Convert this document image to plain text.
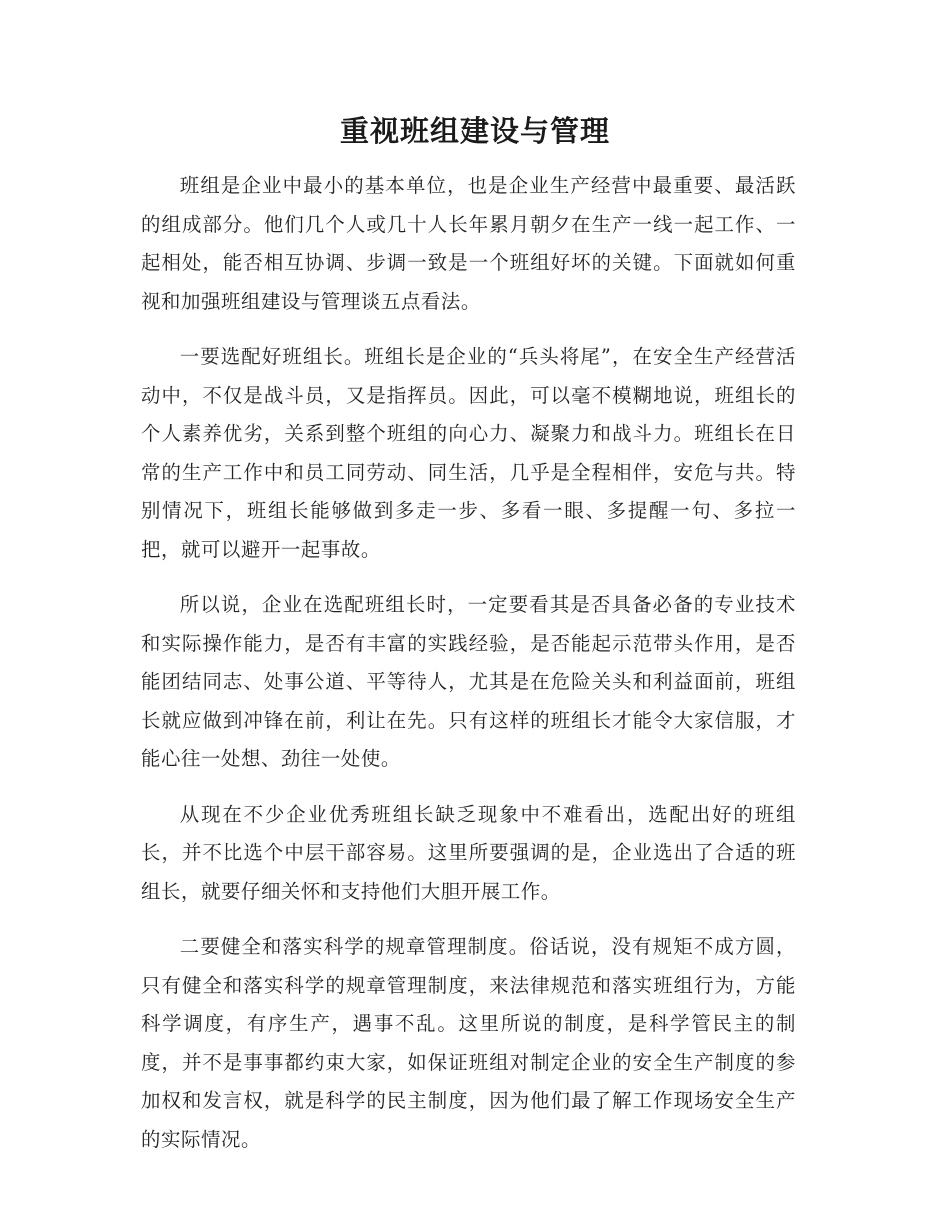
重视班组建设与管理

班组是企业中最小的基本单位，也是企业生产经营中最重要、最活跃的组成部分。他们几个人或几十人长年累月朝夕在生产一线一起工作、一起相处，能否相互协调、步调一致是一个班组好坏的关键。下面就如何重视和加强班组建设与管理谈五点看法。

一要选配好班组长。班组长是企业的“兵头将尾”，在安全生产经营活动中，不仅是战斗员，又是指挥员。因此，可以毫不模糊地说，班组长的个人素养优劣，关系到整个班组的向心力、凝聚力和战斗力。班组长在日常的生产工作中和员工同劳动、同生活，几乎是全程相伴，安危与共。特别情况下，班组长能够做到多走一步、多看一眼、多提醒一句、多拉一把，就可以避开一起事故。

所以说，企业在选配班组长时，一定要看其是否具备必备的专业技术和实际操作能力，是否有丰富的实践经验，是否能起示范带头作用，是否能团结同志、处事公道、平等待人，尤其是在危险关头和利益面前，班组长就应做到冲锋在前，利让在先。只有这样的班组长才能令大家信服，才能心往一处想、劲往一处使。

从现在不少企业优秀班组长缺乏现象中不难看出，选配出好的班组长，并不比选个中层干部容易。这里所要强调的是，企业选出了合适的班组长，就要仔细关怀和支持他们大胆开展工作。

二要健全和落实科学的规章管理制度。俗话说，没有规矩不成方圆，只有健全和落实科学的规章管理制度，来法律规范和落实班组行为，方能科学调度，有序生产，遇事不乱。这里所说的制度，是科学管民主的制度，并不是事事都约束大家，如保证班组对制定企业的安全生产制度的参加权和发言权，就是科学的民主制度，因为他们最了解工作现场安全生产的实际情况。
